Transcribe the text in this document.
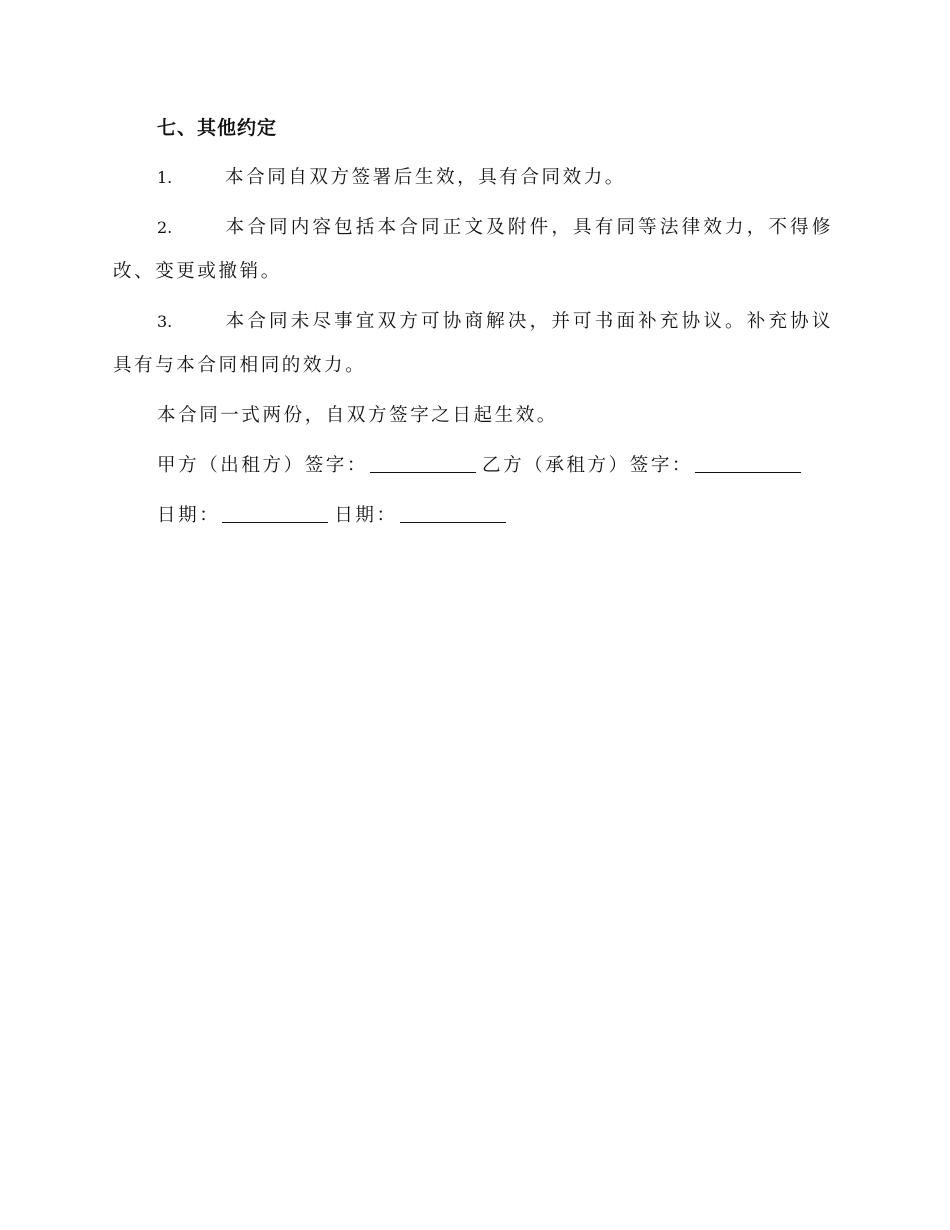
七、其他约定

1.	本合同自双方签署后生效，具有合同效力。

2.	本合同内容包括本合同正文及附件，具有同等法律效力，不得修改、变更或撤销。

3.	本合同未尽事宜双方可协商解决，并可书面补充协议。补充协议具有与本合同相同的效力。

本合同一式两份，自双方签字之日起生效。

甲方（出租方）签字：	乙方（承租方）签字：

日期：	日期：
